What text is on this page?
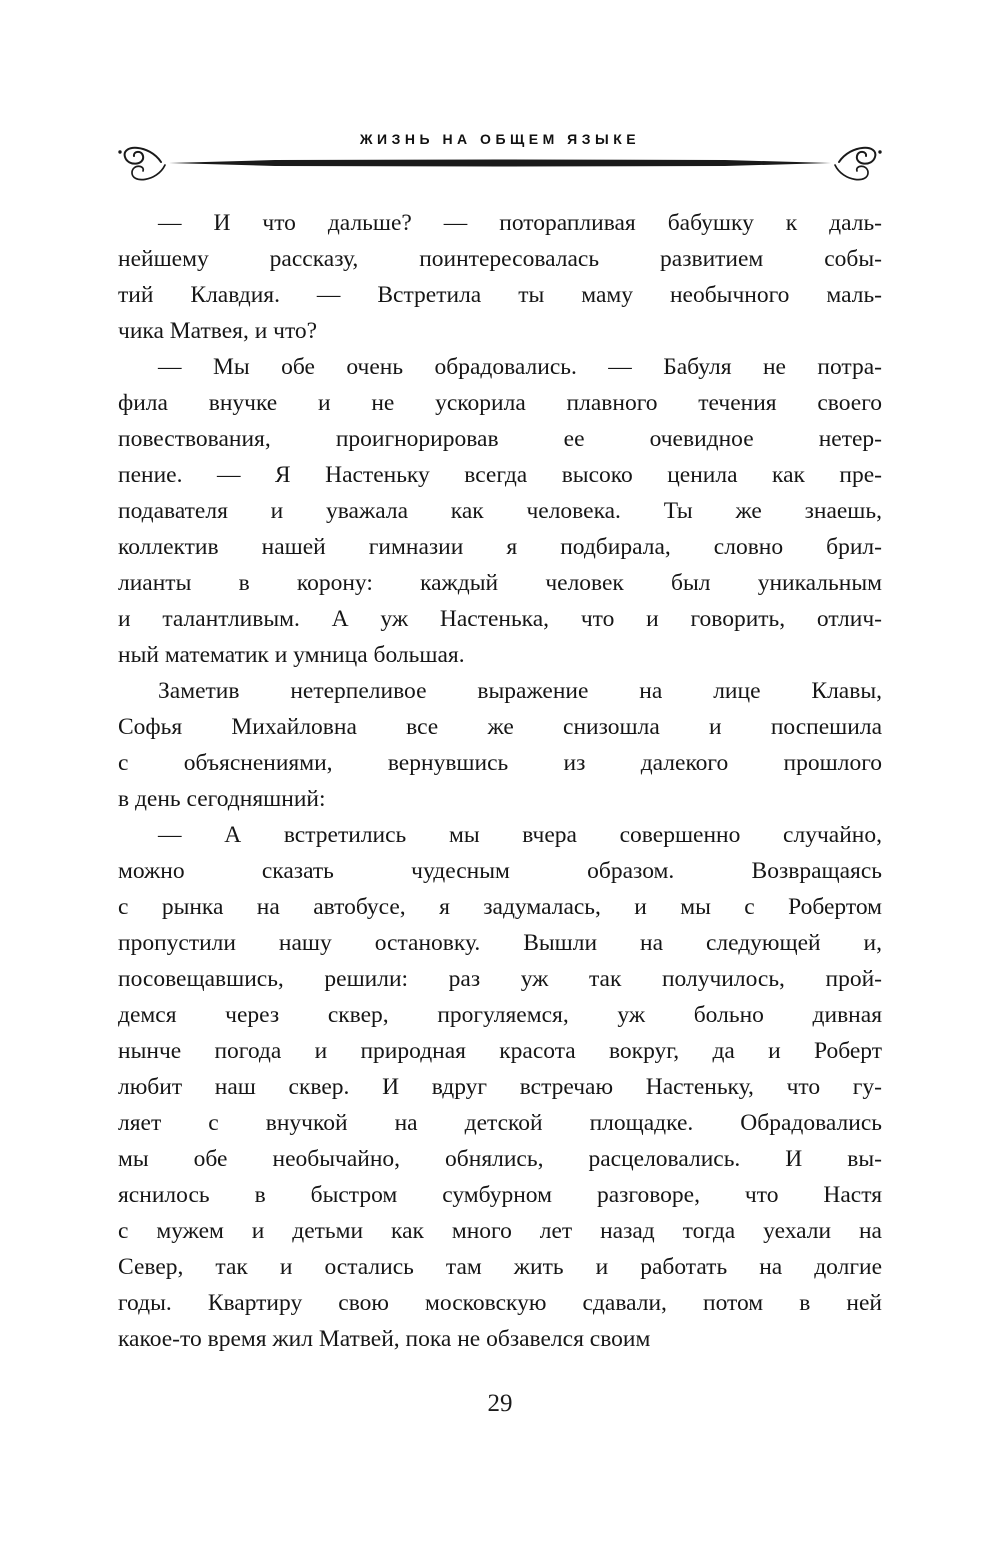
ЖИЗНЬ НА ОБЩЕМ ЯЗЫКЕ
— И что дальше? — поторапливая бабушку к даль-
нейшему рассказу, поинтересовалась развитием собы-
тий Клавдия. — Встретила ты маму необычного маль-
чика Матвея, и что?
— Мы обе очень обрадовались. — Бабуля не потра-
фила внучке и не ускорила плавного течения своего
повествования, проигнорировав ее очевидное нетер-
пение. — Я Настеньку всегда высоко ценила как пре-
подавателя и уважала как человека. Ты же знаешь,
коллектив нашей гимназии я подбирала, словно брил-
лианты в корону: каждый человек был уникальным
и талантливым. А уж Настенька, что и говорить, отлич-
ный математик и умница большая.
Заметив нетерпеливое выражение на лице Клавы,
Софья Михайловна все же снизошла и поспешила
с объяснениями, вернувшись из далекого прошлого
в день сегодняшний:
— А встретились мы вчера совершенно случайно,
можно сказать чудесным образом. Возвращаясь
с рынка на автобусе, я задумалась, и мы с Робертом
пропустили нашу остановку. Вышли на следующей и,
посовещавшись, решили: раз уж так получилось, прой-
демся через сквер, прогуляемся, уж больно дивная
нынче погода и природная красота вокруг, да и Роберт
любит наш сквер. И вдруг встречаю Настеньку, что гу-
ляет с внучкой на детской площадке. Обрадовались
мы обе необычайно, обнялись, расцеловались. И вы-
яснилось в быстром сумбурном разговоре, что Настя
с мужем и детьми как много лет назад тогда уехали на
Север, так и остались там жить и работать на долгие
годы. Квартиру свою московскую сдавали, потом в ней
какое-то время жил Матвей, пока не обзавелся своим
29
